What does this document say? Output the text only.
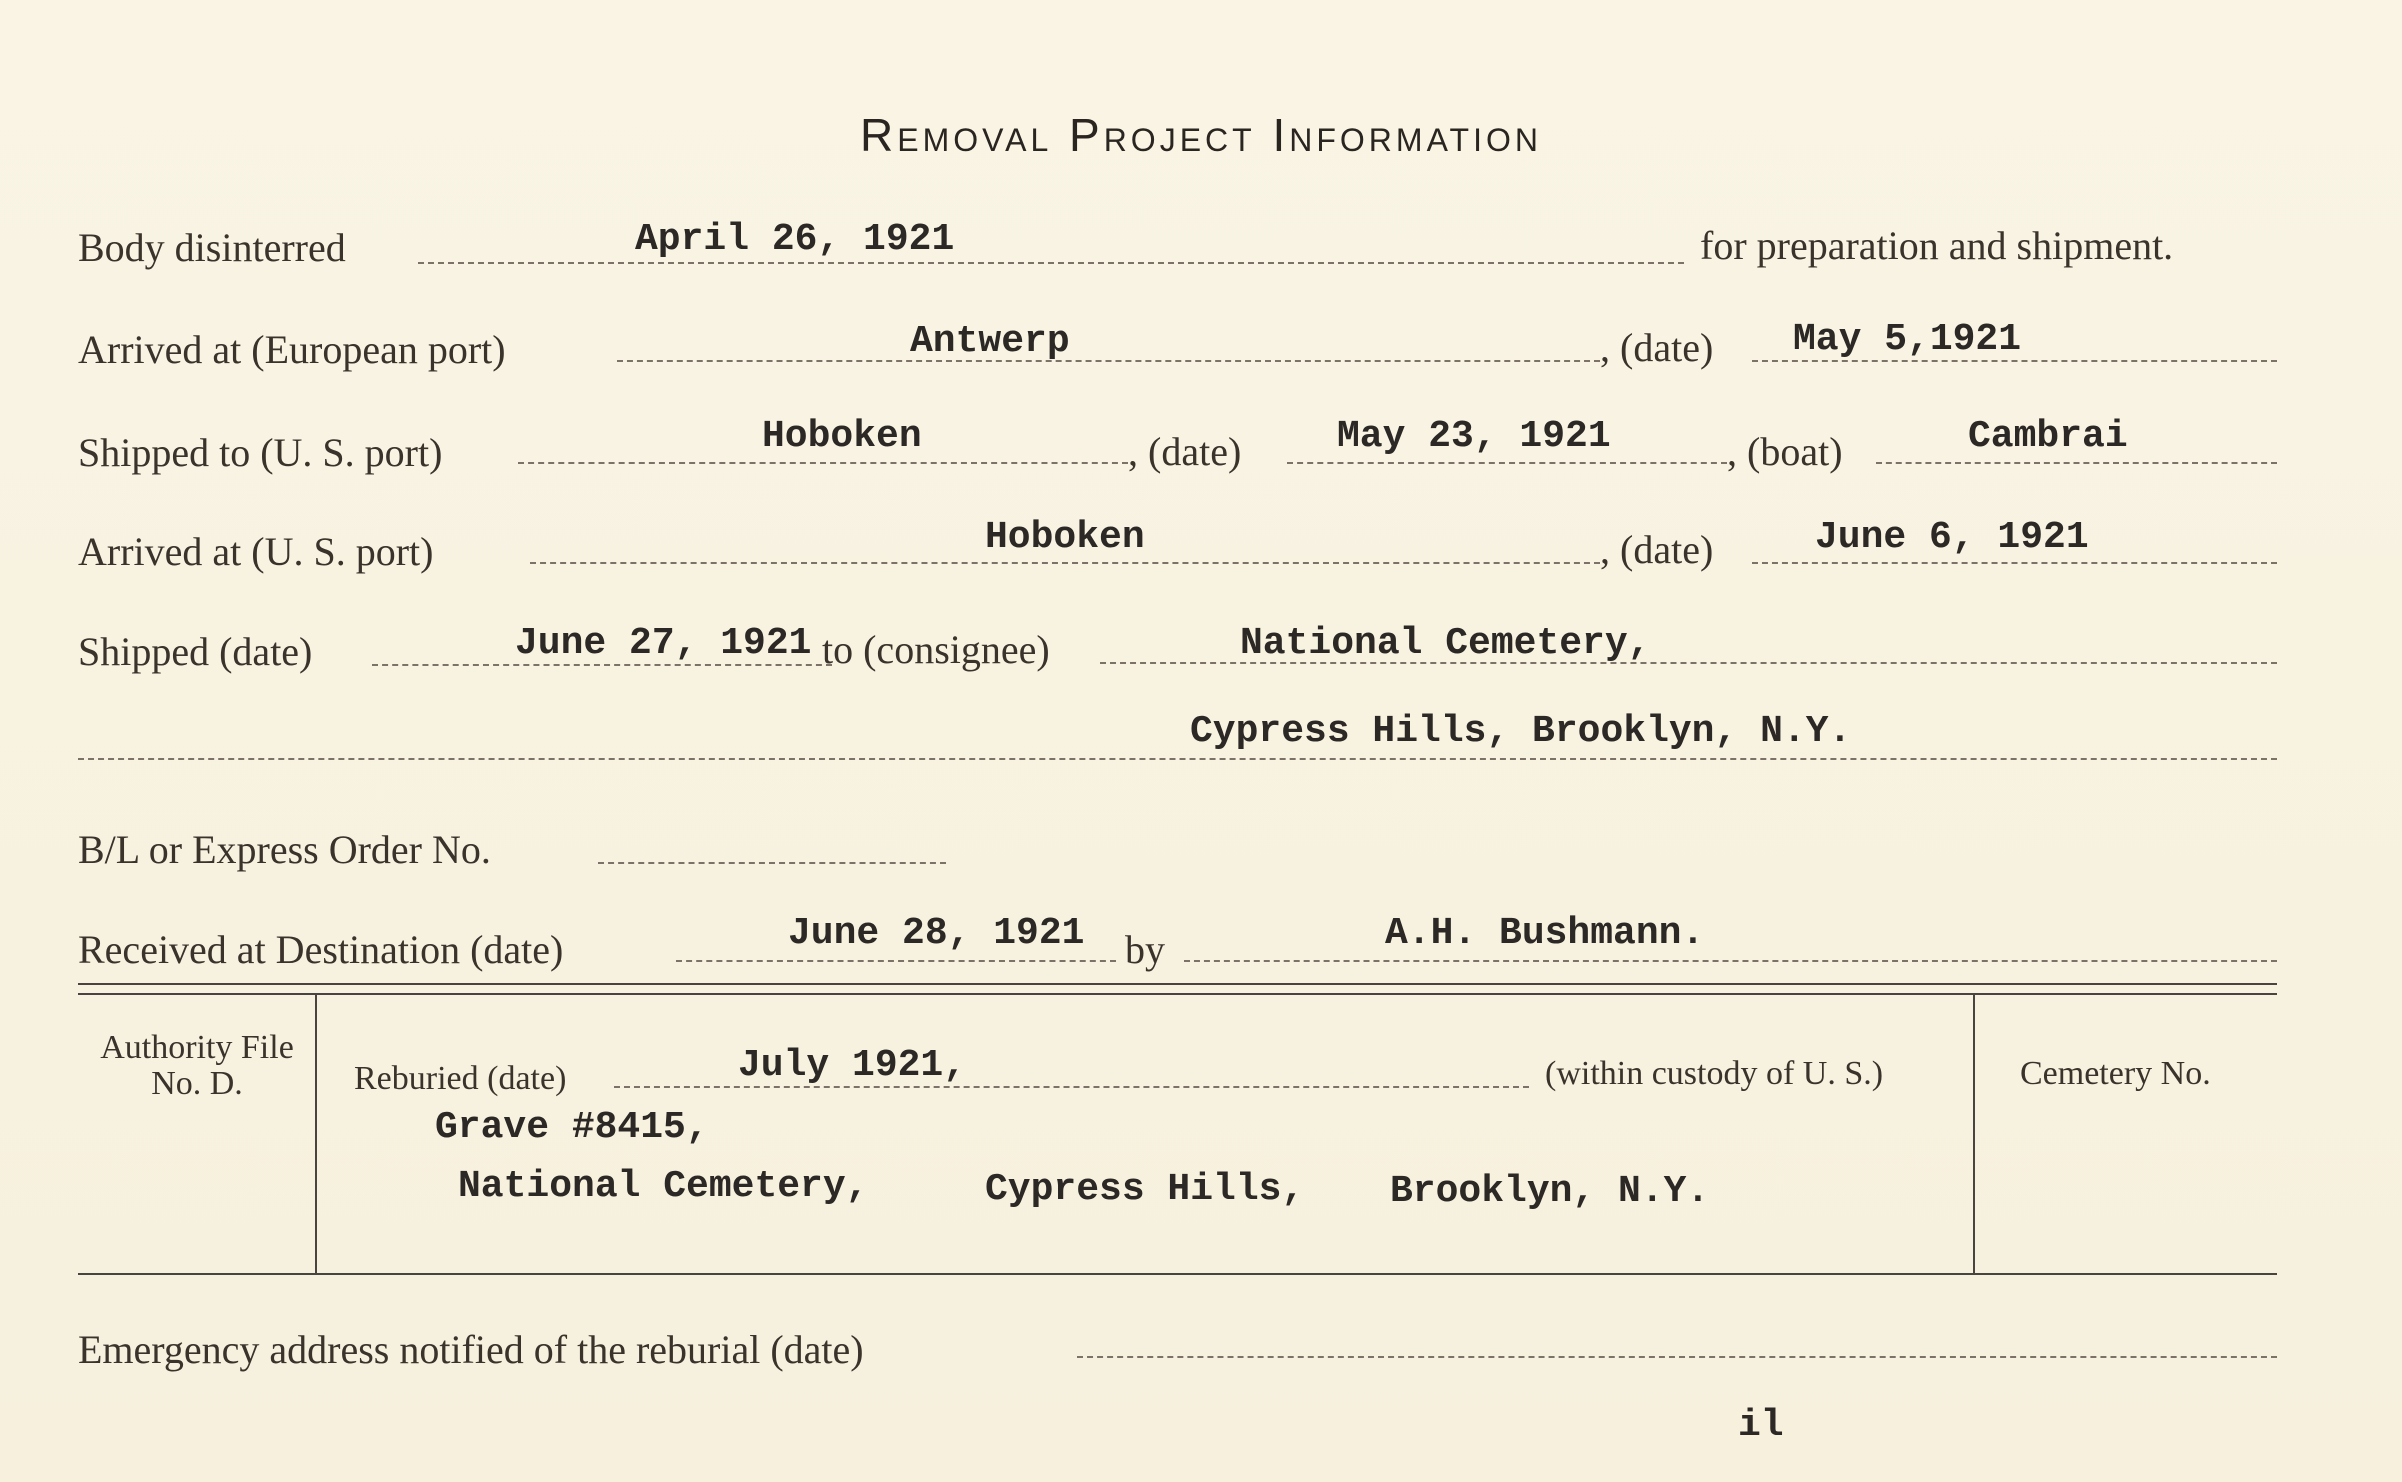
Removal Project Information
Body disinterred	April 26, 1921	for preparation and shipment.
Arrived at (European port)	Antwerp	, (date) May 5,1921
Shipped to (U. S. port)	Hoboken	, (date)	May 23, 1921	, (boat)	Cambrai
Arrived at (U. S. port)	Hoboken	, (date)	June 6, 1921
Shipped (date)	June 27, 1921 to (consignee)	National Cemetery,
Cypress Hills, Brooklyn, N.Y.
B/L or Express Order No.
Received at Destination (date)	June 28, 1921 by	A.H. Bushmann.
Authority File No. D.	Reburied (date)	July 1921,	(within custody of U. S.)	Cemetery No.
Grave #8415,
National Cemetery,	Cypress Hills, Brooklyn, N.Y.
Emergency address notified of the reburial (date)
il
